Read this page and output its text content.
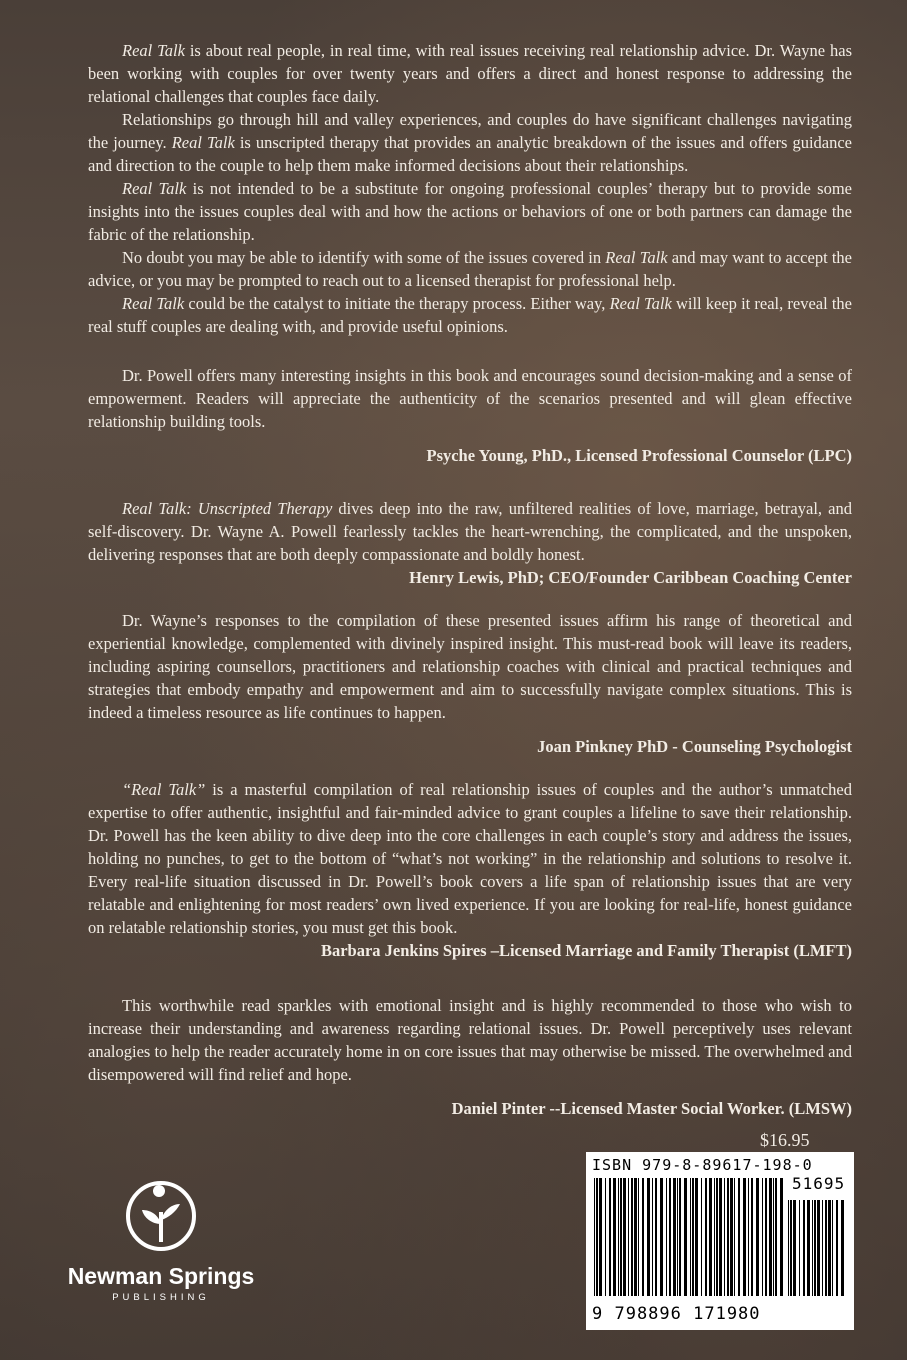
Real Talk is about real people, in real time, with real issues receiving real relationship advice. Dr. Wayne has been working with couples for over twenty years and offers a direct and honest response to addressing the relational challenges that couples face daily.

Relationships go through hill and valley experiences, and couples do have significant challenges navigating the journey. Real Talk is unscripted therapy that provides an analytic breakdown of the issues and offers guidance and direction to the couple to help them make informed decisions about their relationships.

Real Talk is not intended to be a substitute for ongoing professional couples’ therapy but to provide some insights into the issues couples deal with and how the actions or behaviors of one or both partners can damage the fabric of the relationship.

No doubt you may be able to identify with some of the issues covered in Real Talk and may want to accept the advice, or you may be prompted to reach out to a licensed therapist for professional help.

Real Talk could be the catalyst to initiate the therapy process. Either way, Real Talk will keep it real, reveal the real stuff couples are dealing with, and provide useful opinions.

Dr. Powell offers many interesting insights in this book and encourages sound decision-making and a sense of empowerment. Readers will appreciate the authenticity of the scenarios presented and will glean effective relationship building tools.

Psyche Young, PhD., Licensed Professional Counselor (LPC)

Real Talk: Unscripted Therapy dives deep into the raw, unfiltered realities of love, marriage, betrayal, and self-discovery. Dr. Wayne A. Powell fearlessly tackles the heart-wrenching, the complicated, and the unspoken, delivering responses that are both deeply compassionate and boldly honest.

Henry Lewis, PhD; CEO/Founder Caribbean Coaching Center

Dr. Wayne’s responses to the compilation of these presented issues affirm his range of theoretical and experiential knowledge, complemented with divinely inspired insight. This must-read book will leave its readers, including aspiring counsellors, practitioners and relationship coaches with clinical and practical techniques and strategies that embody empathy and empowerment and aim to successfully navigate complex situations. This is indeed a timeless resource as life continues to happen.

Joan Pinkney PhD - Counseling Psychologist

“Real Talk” is a masterful compilation of real relationship issues of couples and the author’s unmatched expertise to offer authentic, insightful and fair-minded advice to grant couples a lifeline to save their relationship. Dr. Powell has the keen ability to dive deep into the core challenges in each couple’s story and address the issues, holding no punches, to get to the bottom of “what’s not working” in the relationship and solutions to resolve it. Every real-life situation discussed in Dr. Powell’s book covers a life span of relationship issues that are very relatable and enlightening for most readers’ own lived experience. If you are looking for real-life, honest guidance on relatable relationship stories, you must get this book.

Barbara Jenkins Spires –Licensed Marriage and Family Therapist (LMFT)

This worthwhile read sparkles with emotional insight and is highly recommended to those who wish to increase their understanding and awareness regarding relational issues. Dr. Powell perceptively uses relevant analogies to help the reader accurately home in on core issues that may otherwise be missed. The overwhelmed and disempowered will find relief and hope.

Daniel Pinter --Licensed Master Social Worker. (LMSW)

$16.95
ISBN 979-8-89617-198-0
51695
9 798896 171980
Newman Springs
PUBLISHING
